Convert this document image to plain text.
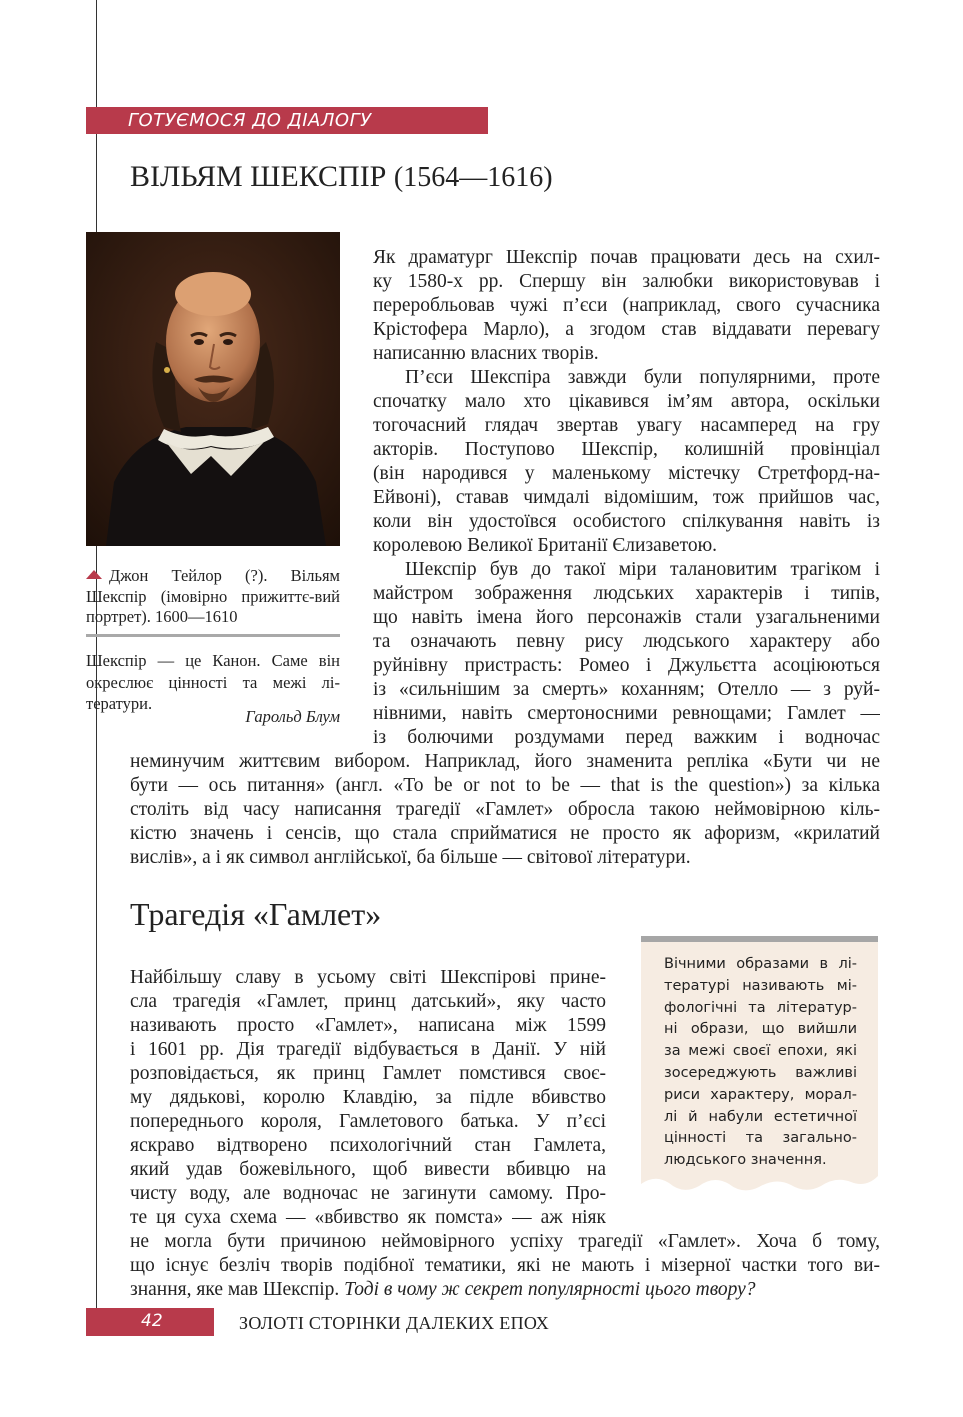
ГОТУЄМОСЯ ДО ДІАЛОГУ
ВІЛЬЯМ ШЕКСПІР (1564—1616)

Джон Тейлор (?). Вільям Шекспір (імовірно прижиттє-вий портрет). 1600—1610

Шекспір — це Канон. Саме він окреслює цінності та межі лі-тератури.

Гарольд Блум

Як драматург Шекспір почав працювати десь на схил-
ку 1580-х рр. Спершу він залюбки використовував і
переробльовав чужі п’єси (наприклад, свого сучасника
Крістофера Марло), а згодом став віддавати перевагу
написанню власних творів.
П’єси Шекспіра завжди були популярними, проте
спочатку мало хто цікавився ім’ям автора, оскільки
тогочасний глядач звертав увагу насамперед на гру
акторів. Поступово Шекспір, колишній провінціал
(він народився у маленькому містечку Стретфорд-на-
Ейвоні), ставав чимдалі відомішим, тож прийшов час,
коли він удостоївся особистого спілкування навіть із
королевою Великої Британії Єлизаветою.
Шекспір був до такої міри талановитим трагіком і
майстром зображення людських характерів і типів,
що навіть імена його персонажів стали узагальненими
та означають певну рису людського характеру або
руйнівну пристрасть: Ромео і Джульєтта асоціюються
із «сильнішим за смерть» коханням; Отелло — з руй-
нівними, навіть смертоносними ревнощами; Гамлет —
із болючими роздумами перед важким і водночас
неминучим життєвим вибором. Наприклад, його знаменита репліка «Бути чи не
бути — ось питання» (англ. «To be or not to be — that is the question») за кілька
століть від часу написання трагедії «Гамлет» обросла такою неймовірною кіль-
кістю значень і сенсів, що стала сприйматися не просто як афоризм, «крилатий
вислів», а і як символ англійської, ба більше — світової літератури.
Трагедія «Гамлет»
Найбільшу славу в усьому світі Шекспірові прине-
сла трагедія «Гамлет, принц датський», яку часто
називають просто «Гамлет», написана між 1599
і 1601 рр. Дія трагедії відбувається в Данії. У ній
розповідається, як принц Гамлет помстився своє-
му дядькові, королю Клавдію, за підле вбивство
попереднього короля, Гамлетового батька. У п’єсі
яскраво відтворено психологічний стан Гамлета,
який удав божевільного, щоб вивести вбивцю на
чисту воду, але водночас не загинути самому. Про-
те ця суха схема — «вбивство як помста» — аж ніяк
не могла бути причиною неймовірного успіху трагедії «Гамлет». Хоча б тому,
що існує безліч творів подібної тематики, які не мають і мізерної частки того ви-
знання, яке мав Шекспір. Тоді в чому ж секрет популярності цього твору?
Вічними образами в лі-
тературі називають мі-
фологічні та літератур-
ні образи, що вийшли
за межі своєї епохи, які
зосереджують важливі
риси характеру, морал-
лі й набули естетичної
цінності та загально-
людського значення.
42	ЗОЛОТІ СТОРІНКИ ДАЛЕКИХ ЕПОХ
